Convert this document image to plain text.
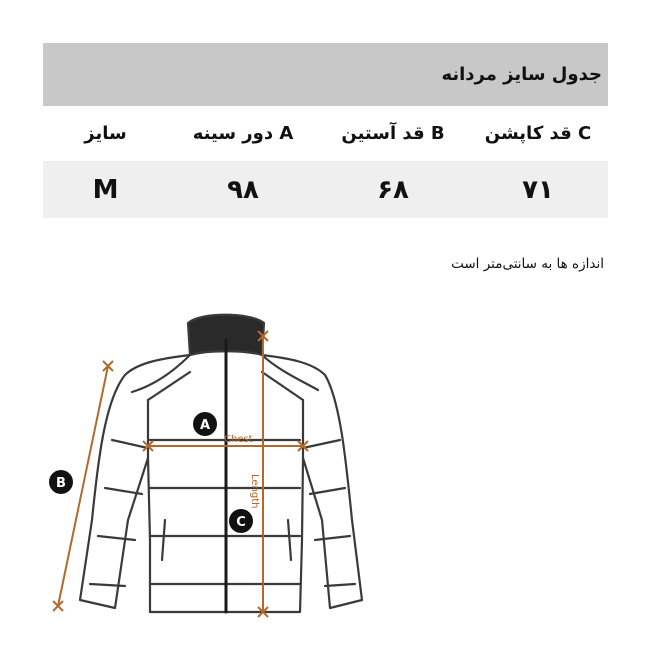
جدول سایز مردانه
C قد کاپشن
B قد آستین
A دور سینه
سایز
۷۱
۶۸
۹۸
M
اندازه ها به سانتی‌متر است
Chest
Length
A
B
C
